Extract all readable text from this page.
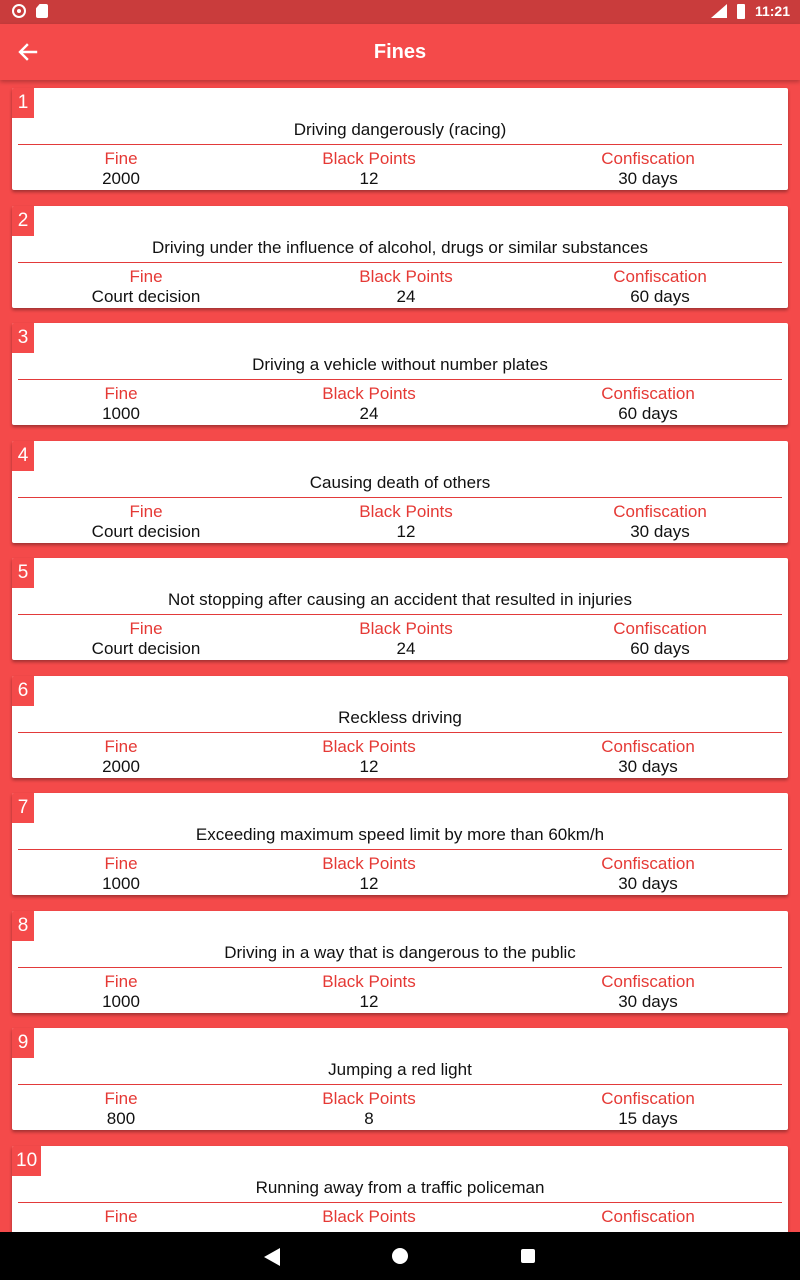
11:21
Fines
1
Driving dangerously (racing)
Fine
2000
Black Points
12
Confiscation
30 days
2
Driving under the influence of alcohol, drugs or similar substances
Fine
Court decision
Black Points
24
Confiscation
60 days
3
Driving a vehicle without number plates
Fine
1000
Black Points
24
Confiscation
60 days
4
Causing death of others
Fine
Court decision
Black Points
12
Confiscation
30 days
5
Not stopping after causing an accident that resulted in injuries
Fine
Court decision
Black Points
24
Confiscation
60 days
6
Reckless driving
Fine
2000
Black Points
12
Confiscation
30 days
7
Exceeding maximum speed limit by more than 60km/h
Fine
1000
Black Points
12
Confiscation
30 days
8
Driving in a way that is dangerous to the public
Fine
1000
Black Points
12
Confiscation
30 days
9
Jumping a red light
Fine
800
Black Points
8
Confiscation
15 days
10
Running away from a traffic policeman
Fine	Black Points	Confiscation
